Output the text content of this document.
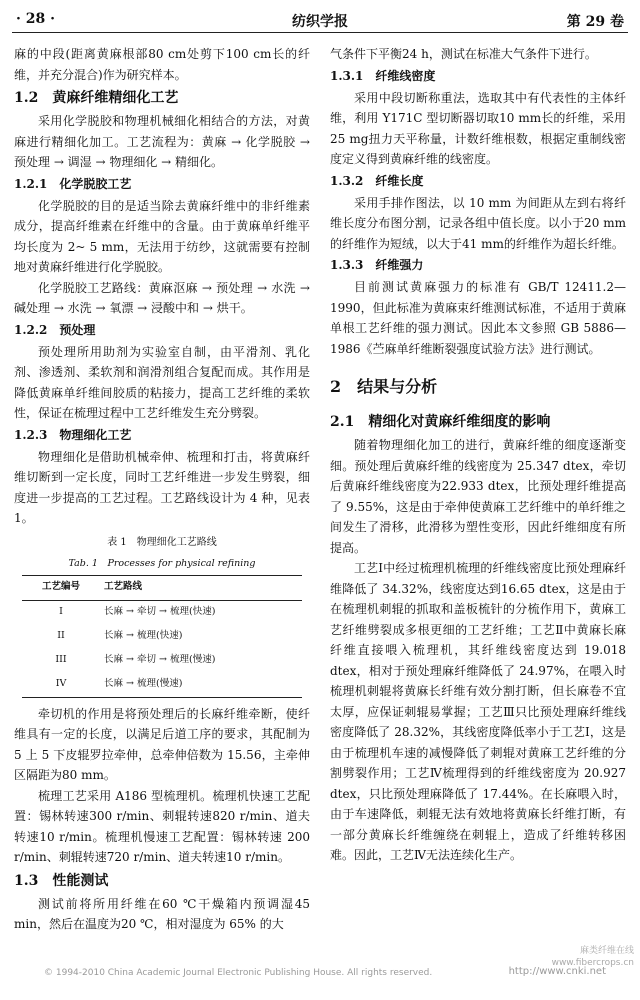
· 28 ·	纺织学报	第 29 卷

麻的中段(距离黄麻根部80 cm处剪下100 cm长的纤维，并充分混合)作为研究样本。

1.2　黄麻纤维精细化工艺

采用化学脱胶和物理机械细化相结合的方法，对黄麻进行精细化加工。工艺流程为：黄麻 → 化学脱胶 → 预处理 → 调湿 → 物理细化 → 精细化。

1.2.1　化学脱胶工艺

化学脱胶的目的是适当除去黄麻纤维中的非纤维素成分，提高纤维素在纤维中的含量。由于黄麻单纤维平均长度为 2~ 5 mm，无法用于纺纱，这就需要有控制地对黄麻纤维进行化学脱胶。

化学脱胶工艺路线：黄麻沤麻 → 预处理 → 水洗 → 碱处理 → 水洗 → 氧漂 → 浸酸中和 → 烘干。

1.2.2　预处理

预处理所用助剂为实验室自制，由平滑剂、乳化剂、渗透剂、柔软剂和润滑剂组合复配而成。其作用是降低黄麻单纤维间胶质的粘接力，提高工艺纤维的柔软性，保证在梳理过程中工艺纤维发生充分劈裂。

1.2.3　物理细化工艺

物理细化是借助机械牵伸、梳理和打击，将黄麻纤维切断到一定长度，同时工艺纤维进一步发生劈裂，细度进一步提高的工艺过程。工艺路线设计为 4 种，见表 1。

表 1　物理细化工艺路线
Tab. 1　Processes for physical refining
工艺编号	工艺路线
I	长麻 → 牵切 → 梳理(快速)
II	长麻 → 梳理(快速)
III	长麻 → 牵切 → 梳理(慢速)
IV	长麻 → 梳理(慢速)

牵切机的作用是将预处理后的长麻纤维牵断，使纤维具有一定的长度，以满足后道工序的要求，其配制为 5 上 5 下皮辊罗拉牵伸，总牵伸倍数为 15.56，主牵伸区隔距为80 mm。

梳理工艺采用 A186 型梳理机。梳理机快速工艺配置：锡林转速300 r/min、刺辊转速820 r/min、道夫转速10 r/min。梳理机慢速工艺配置：锡林转速 200 r/min、刺辊转速720 r/min、道夫转速10 r/min。

1.3　性能测试

测试前将所用纤维在60 ℃干燥箱内预调湿45 min，然后在温度为20 ℃，相对湿度为 65% 的大

气条件下平衡24 h，测试在标准大气条件下进行。

1.3.1　纤维线密度

采用中段切断称重法，选取其中有代表性的主体纤维，利用 Y171C 型切断器切取10 mm长的纤维，采用25 mg扭力天平称量，计数纤维根数，根据定重制线密度定义得到黄麻纤维的线密度。

1.3.2　纤维长度

采用手排作图法，以 10 mm 为间距从左到右将纤维长度分布图分割，记录各组中值长度。以小于20 mm的纤维作为短绒，以大于41 mm的纤维作为超长纤维。

1.3.3　纤维强力

目前测试黄麻强力的标准有 GB/T 12411.2—1990，但此标准为黄麻束纤维测试标准，不适用于黄麻单根工艺纤维的强力测试。因此本文参照 GB 5886—1986《苎麻单纤维断裂强度试验方法》进行测试。

2　结果与分析
2.1　精细化对黄麻纤维细度的影响

随着物理细化加工的进行，黄麻纤维的细度逐渐变细。预处理后黄麻纤维的线密度为 25.347 dtex，牵切后黄麻纤维线密度为22.933 dtex，比预处理纤维提高了 9.55%，这是由于牵伸使黄麻工艺纤维中的单纤维之间发生了滑移，此滑移为塑性变形，因此纤维细度有所提高。

工艺Ⅰ中经过梳理机梳理的纤维线密度比预处理麻纤维降低了 34.32%，线密度达到16.65 dtex，这是由于在梳理机刺辊的抓取和盖板梳针的分梳作用下，黄麻工艺纤维劈裂成多根更细的工艺纤维；工艺Ⅱ中黄麻长麻纤维直接喂入梳理机，其纤维线密度达到 19.018 dtex，相对于预处理麻纤维降低了 24.97%，在喂入时梳理机刺辊将黄麻长纤维有效分割打断，但长麻卷不宜太厚，应保证刺辊易掌握；工艺Ⅲ只比预处理麻纤维线密度降低了 28.32%，其线密度降低率小于工艺Ⅰ，这是由于梳理机车速的减慢降低了刺辊对黄麻工艺纤维的分割劈裂作用；工艺Ⅳ梳理得到的纤维线密度为 20.927 dtex，只比预处理麻降低了 17.44%。在长麻喂入时，由于车速降低，刺辊无法有效地将黄麻长纤维打断，有一部分黄麻长纤维缠绕在刺辊上，造成了纤维转移困难。因此，工艺Ⅳ无法连续化生产。

麻类纤维在线
www.fibercrops.cn
© 1994-2010 China Academic Journal Electronic Publishing House. All rights reserved.	http://www.cnki.net
